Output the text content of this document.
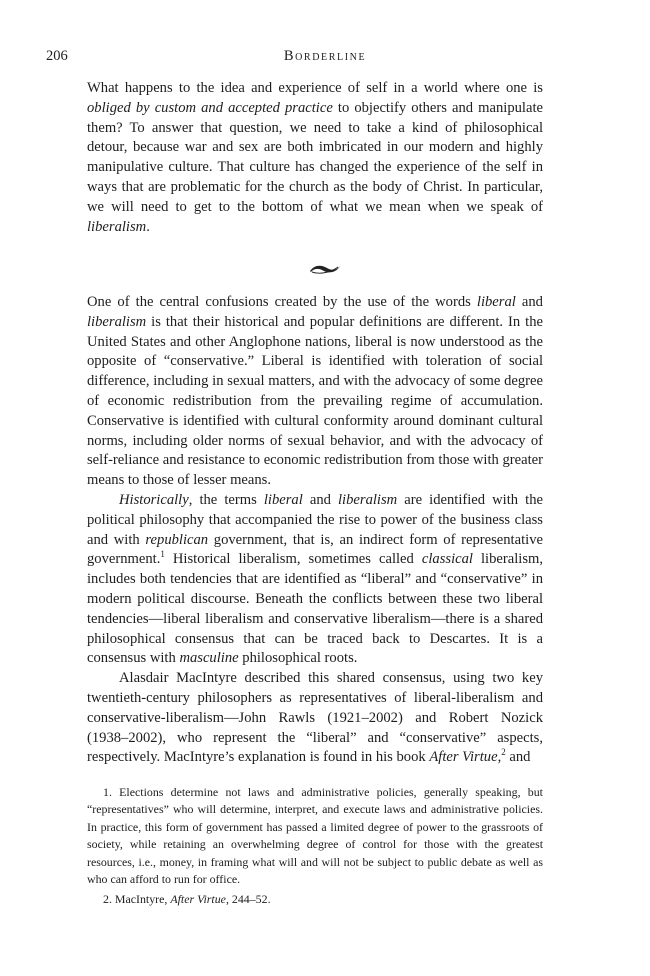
206	Borderline

What happens to the idea and experience of self in a world where one is obliged by custom and accepted practice to objectify others and manipulate them? To answer that question, we need to take a kind of philosophical detour, because war and sex are both imbricated in our modern and highly manipulative culture. That culture has changed the experience of the self in ways that are problematic for the church as the body of Christ. In particular, we will need to get to the bottom of what we mean when we speak of liberalism.

One of the central confusions created by the use of the words liberal and liberalism is that their historical and popular definitions are different. In the United States and other Anglophone nations, liberal is now understood as the opposite of “conservative.” Liberal is identified with toleration of social difference, including in sexual matters, and with the advocacy of some degree of economic redistribution from the prevailing regime of accumulation. Conservative is identified with cultural conformity around dominant cultural norms, including older norms of sexual behavior, and with the advocacy of self-reliance and resistance to economic redistribution from those with greater means to those of lesser means.

Historically, the terms liberal and liberalism are identified with the political philosophy that accompanied the rise to power of the business class and with republican government, that is, an indirect form of representative government.$^1$ Historical liberalism, sometimes called classical liberalism, includes both tendencies that are identified as “liberal” and “conservative” in modern political discourse. Beneath the conflicts between these two liberal tendencies—liberal liberalism and conservative liberalism—there is a shared philosophical consensus that can be traced back to Descartes. It is a consensus with masculine philosophical roots.

Alasdair MacIntyre described this shared consensus, using two key twentieth-century philosophers as representatives of liberal-liberalism and conservative-liberalism—John Rawls (1921–2002) and Robert Nozick (1938–2002), who represent the “liberal” and “conservative” aspects, respectively. MacIntyre’s explanation is found in his book After Virtue,$^2$ and

1. Elections determine not laws and administrative policies, generally speaking, but “representatives” who will determine, interpret, and execute laws and administrative policies. In practice, this form of government has passed a limited degree of power to the grassroots of society, while retaining an overwhelming degree of control for those with the greatest resources, i.e., money, in framing what will and will not be subject to public debate as well as who can afford to run for office.

2. MacIntyre, After Virtue, 244–52.
